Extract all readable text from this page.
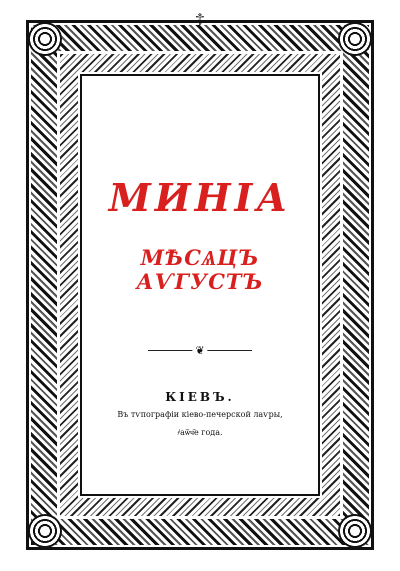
☦
МИНІА
МѢСѦЦЪ АѴГУСТЪ
❦
КІЕВЪ.
Въ тѵпографіи кіево-печерской лаѵры,
҂аѿч҃е года.
